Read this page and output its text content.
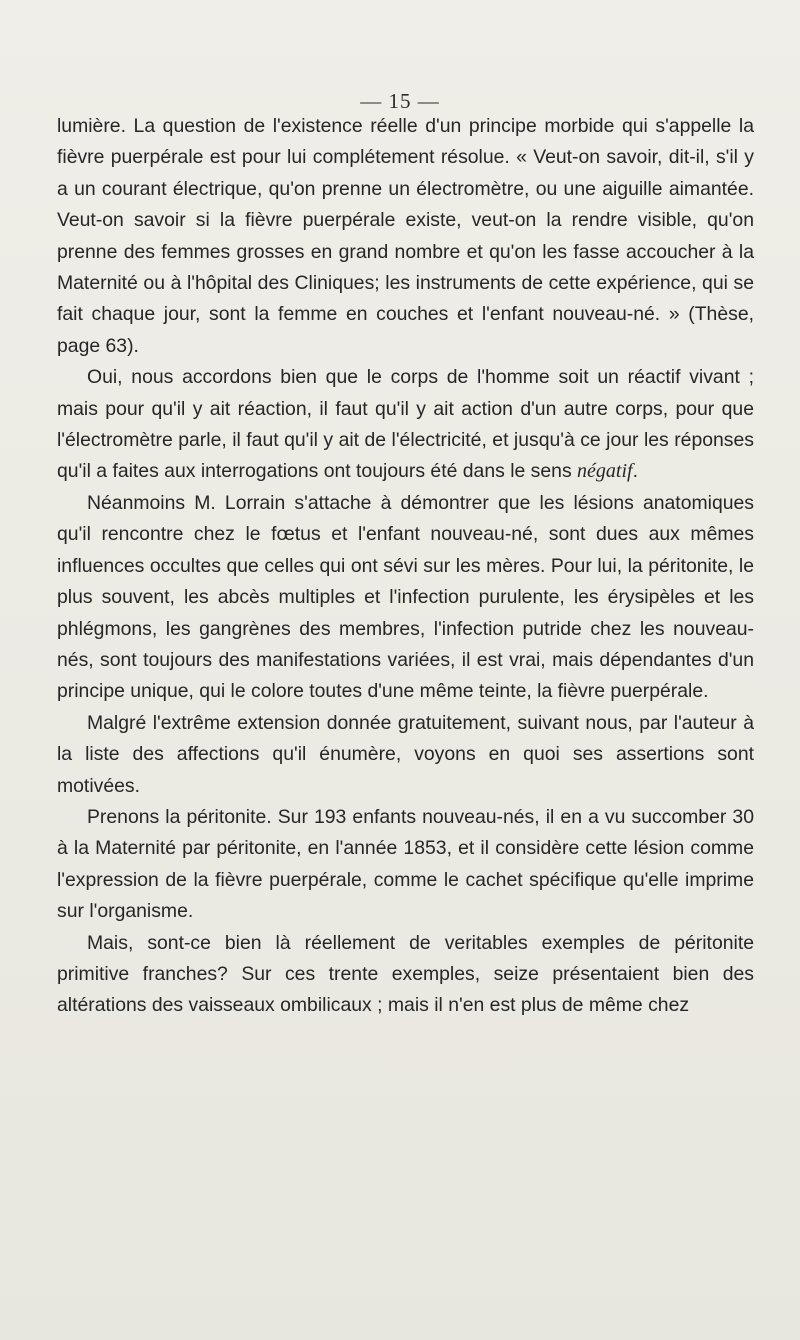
— 15 —

lumière. La question de l'existence réelle d'un principe morbide qui s'appelle la fièvre puerpérale est pour lui complétement résolue. « Veut-on savoir, dit-il, s'il y a un courant électrique, qu'on prenne un électromètre, ou une aiguille aimantée. Veut-on savoir si la fièvre puerpérale existe, veut-on la rendre visible, qu'on prenne des femmes grosses en grand nombre et qu'on les fasse accoucher à la Maternité ou à l'hôpital des Cliniques; les instruments de cette expérience, qui se fait chaque jour, sont la femme en couches et l'enfant nouveau-né. » (Thèse, page 63).

Oui, nous accordons bien que le corps de l'homme soit un réactif vivant ; mais pour qu'il y ait réaction, il faut qu'il y ait action d'un autre corps, pour que l'électromètre parle, il faut qu'il y ait de l'électricité, et jusqu'à ce jour les réponses qu'il a faites aux interrogations ont toujours été dans le sens négatif.

Néanmoins M. Lorrain s'attache à démontrer que les lésions anatomiques qu'il rencontre chez le fœtus et l'enfant nouveau-né, sont dues aux mêmes influences occultes que celles qui ont sévi sur les mères. Pour lui, la péritonite, le plus souvent, les abcès multiples et l'infection purulente, les érysipèles et les phlégmons, les gangrènes des membres, l'infection putride chez les nouveau-nés, sont toujours des manifestations variées, il est vrai, mais dépendantes d'un principe unique, qui le colore toutes d'une même teinte, la fièvre puerpérale.

Malgré l'extrême extension donnée gratuitement, suivant nous, par l'auteur à la liste des affections qu'il énumère, voyons en quoi ses assertions sont motivées.

Prenons la péritonite. Sur 193 enfants nouveau-nés, il en a vu succomber 30 à la Maternité par péritonite, en l'année 1853, et il considère cette lésion comme l'expression de la fièvre puerpérale, comme le cachet spécifique qu'elle imprime sur l'organisme.

Mais, sont-ce bien là réellement de veritables exemples de péritonite primitive franches? Sur ces trente exemples, seize présentaient bien des altérations des vaisseaux ombilicaux ; mais il n'en est plus de même chez
